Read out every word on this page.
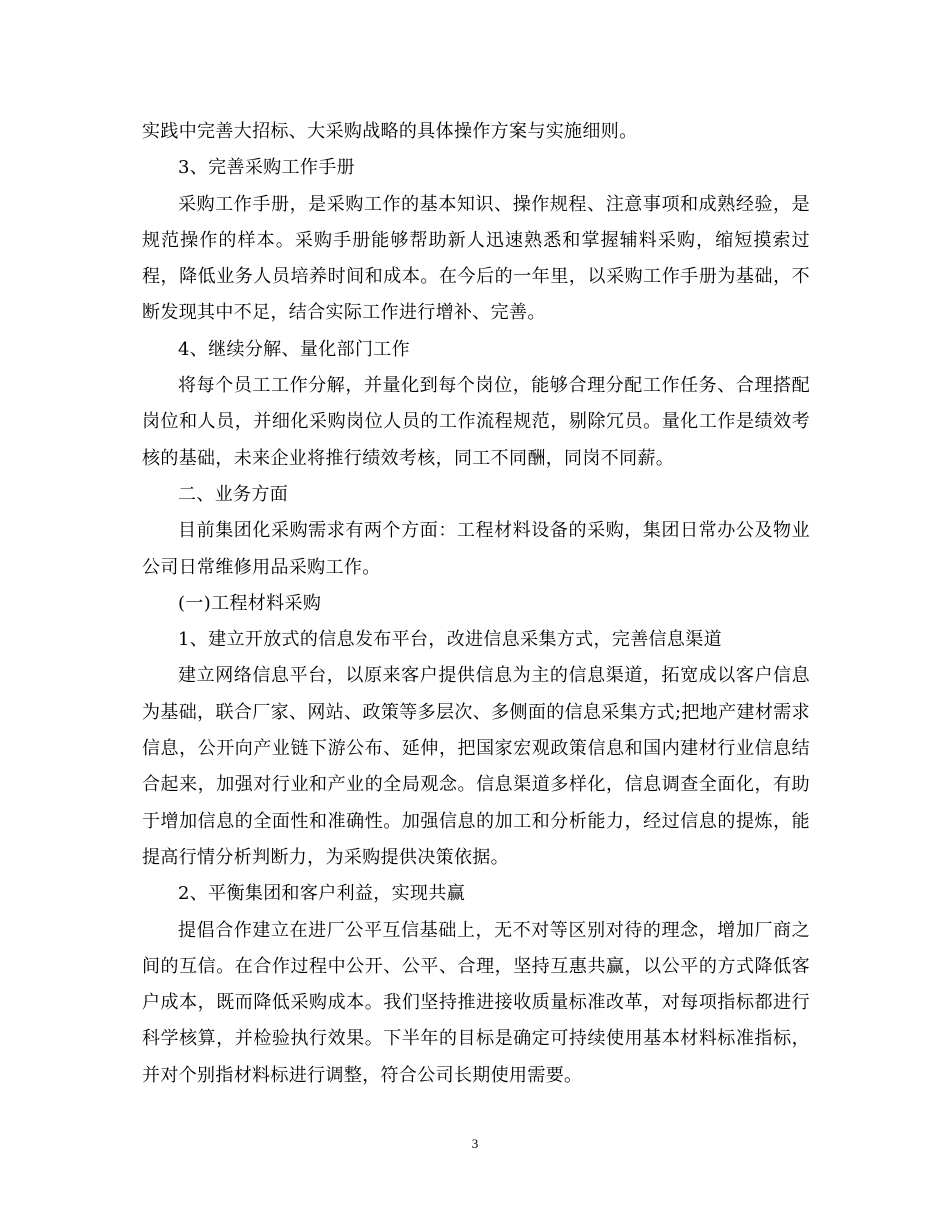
实践中完善大招标、大采购战略的具体操作方案与实施细则。

3、完善采购工作手册

采购工作手册，是采购工作的基本知识、操作规程、注意事项和成熟经验，是规范操作的样本。采购手册能够帮助新人迅速熟悉和掌握辅料采购，缩短摸索过程，降低业务人员培养时间和成本。在今后的一年里，以采购工作手册为基础，不断发现其中不足，结合实际工作进行增补、完善。

4、继续分解、量化部门工作

将每个员工工作分解，并量化到每个岗位，能够合理分配工作任务、合理搭配岗位和人员，并细化采购岗位人员的工作流程规范，剔除冗员。量化工作是绩效考核的基础，未来企业将推行绩效考核，同工不同酬，同岗不同薪。

二、业务方面

目前集团化采购需求有两个方面：工程材料设备的采购，集团日常办公及物业公司日常维修用品采购工作。

(一)工程材料采购

1、建立开放式的信息发布平台，改进信息采集方式，完善信息渠道

建立网络信息平台，以原来客户提供信息为主的信息渠道，拓宽成以客户信息为基础，联合厂家、网站、政策等多层次、多侧面的信息采集方式;把地产建材需求信息，公开向产业链下游公布、延伸，把国家宏观政策信息和国内建材行业信息结合起来，加强对行业和产业的全局观念。信息渠道多样化，信息调查全面化，有助于增加信息的全面性和准确性。加强信息的加工和分析能力，经过信息的提炼，能提高行情分析判断力，为采购提供决策依据。

2、平衡集团和客户利益，实现共赢

提倡合作建立在进厂公平互信基础上，无不对等区别对待的理念，增加厂商之间的互信。在合作过程中公开、公平、合理，坚持互惠共赢，以公平的方式降低客户成本，既而降低采购成本。我们坚持推进接收质量标准改革，对每项指标都进行科学核算，并检验执行效果。下半年的目标是确定可持续使用基本材料标准指标，并对个别指材料标进行调整，符合公司长期使用需要。

3
